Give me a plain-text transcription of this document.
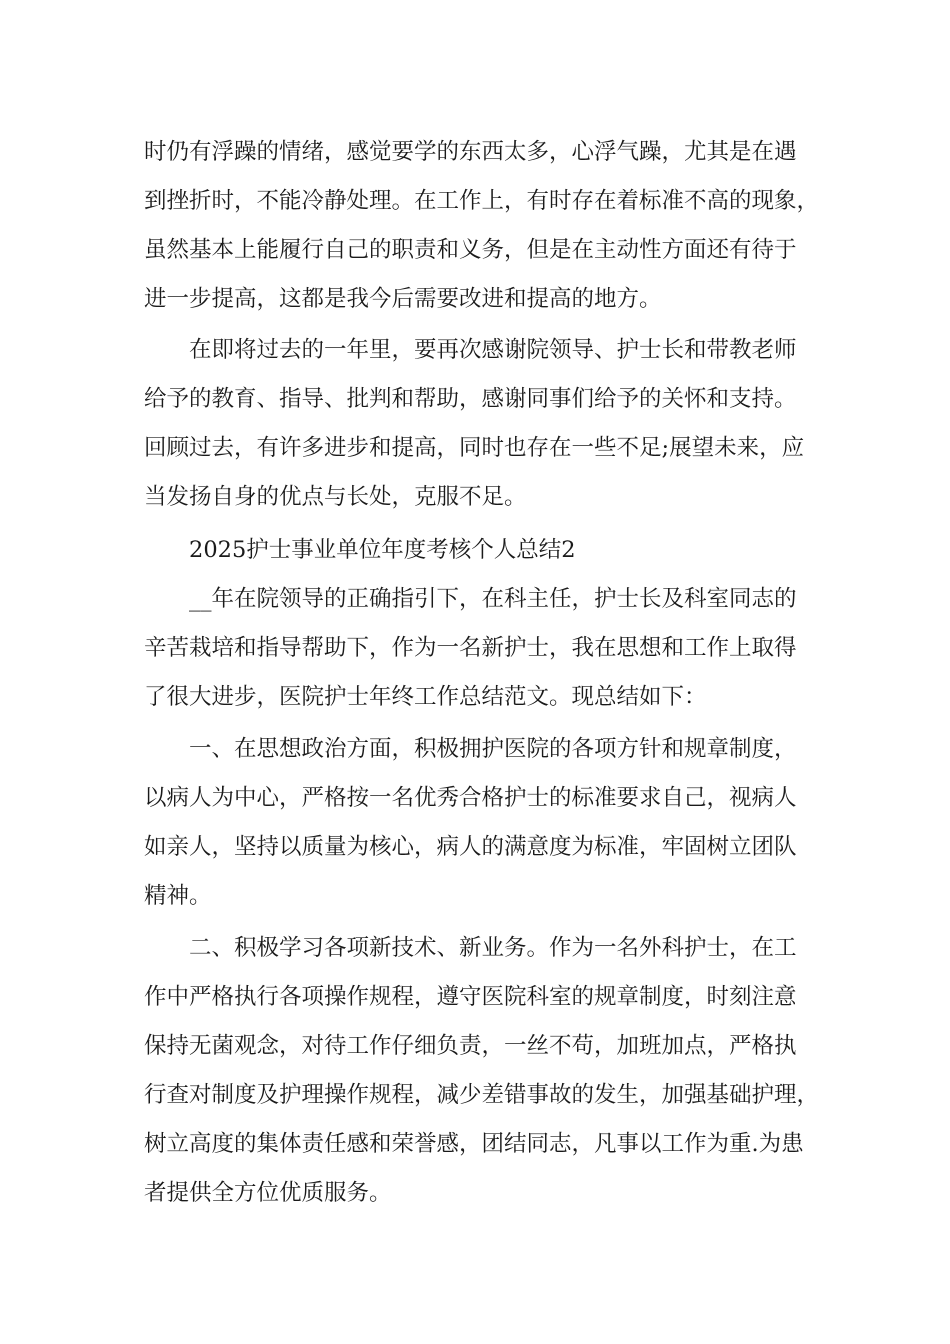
时仍有浮躁的情绪，感觉要学的东西太多，心浮气躁，尤其是在遇
到挫折时，不能冷静处理。在工作上，有时存在着标准不高的现象，
虽然基本上能履行自己的职责和义务，但是在主动性方面还有待于
进一步提高，这都是我今后需要改进和提高的地方。
在即将过去的一年里，要再次感谢院领导、护士长和带教老师
给予的教育、指导、批判和帮助，感谢同事们给予的关怀和支持。
回顾过去，有许多进步和提高，同时也存在一些不足;展望未来，应
当发扬自身的优点与长处，克服不足。
2025护士事业单位年度考核个人总结2
__年在院领导的正确指引下，在科主任，护士长及科室同志的
辛苦栽培和指导帮助下，作为一名新护士，我在思想和工作上取得
了很大进步，医院护士年终工作总结范文。现总结如下：
一、在思想政治方面，积极拥护医院的各项方针和规章制度，
以病人为中心，严格按一名优秀合格护士的标准要求自己，视病人
如亲人，坚持以质量为核心，病人的满意度为标准，牢固树立团队
精神。
二、积极学习各项新技术、新业务。作为一名外科护士，在工
作中严格执行各项操作规程，遵守医院科室的规章制度，时刻注意
保持无菌观念，对待工作仔细负责，一丝不苟，加班加点，严格执
行查对制度及护理操作规程，减少差错事故的发生，加强基础护理，
树立高度的集体责任感和荣誉感，团结同志，凡事以工作为重.为患
者提供全方位优质服务。
